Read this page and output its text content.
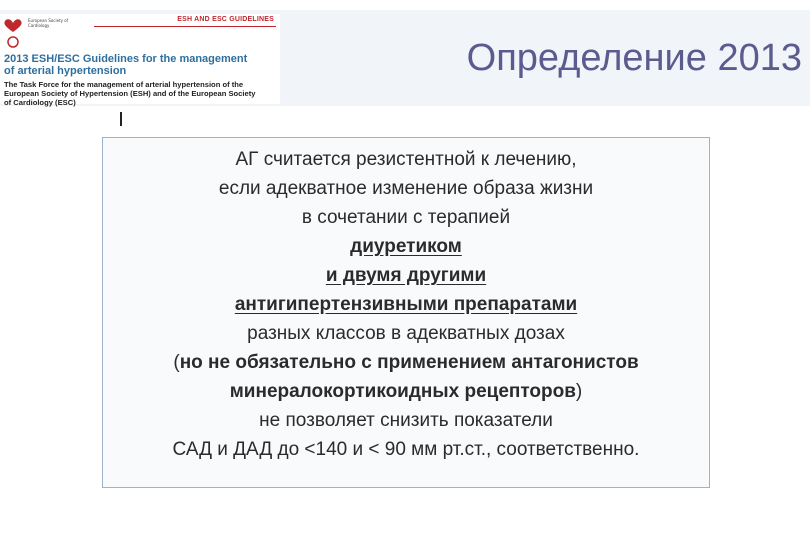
European Society of Cardiology
ESH AND ESC GUIDELINES
2013 ESH/ESC Guidelines for the management
of arterial hypertension
The Task Force for the management of arterial hypertension of the
European Society of Hypertension (ESH) and of the European Society
of Cardiology (ESC)
Определение 2013
АГ считается резистентной к лечению,
если адекватное изменение образа жизни
в сочетании с терапией
диуретиком
и двумя другими
антигипертензивными препаратами
разных классов в адекватных дозах
(но не обязательно с применением антагонистов
минералокортикоидных рецепторов)
не позволяет снизить показатели
САД и ДАД до <140 и < 90 мм рт.ст., соответственно.
